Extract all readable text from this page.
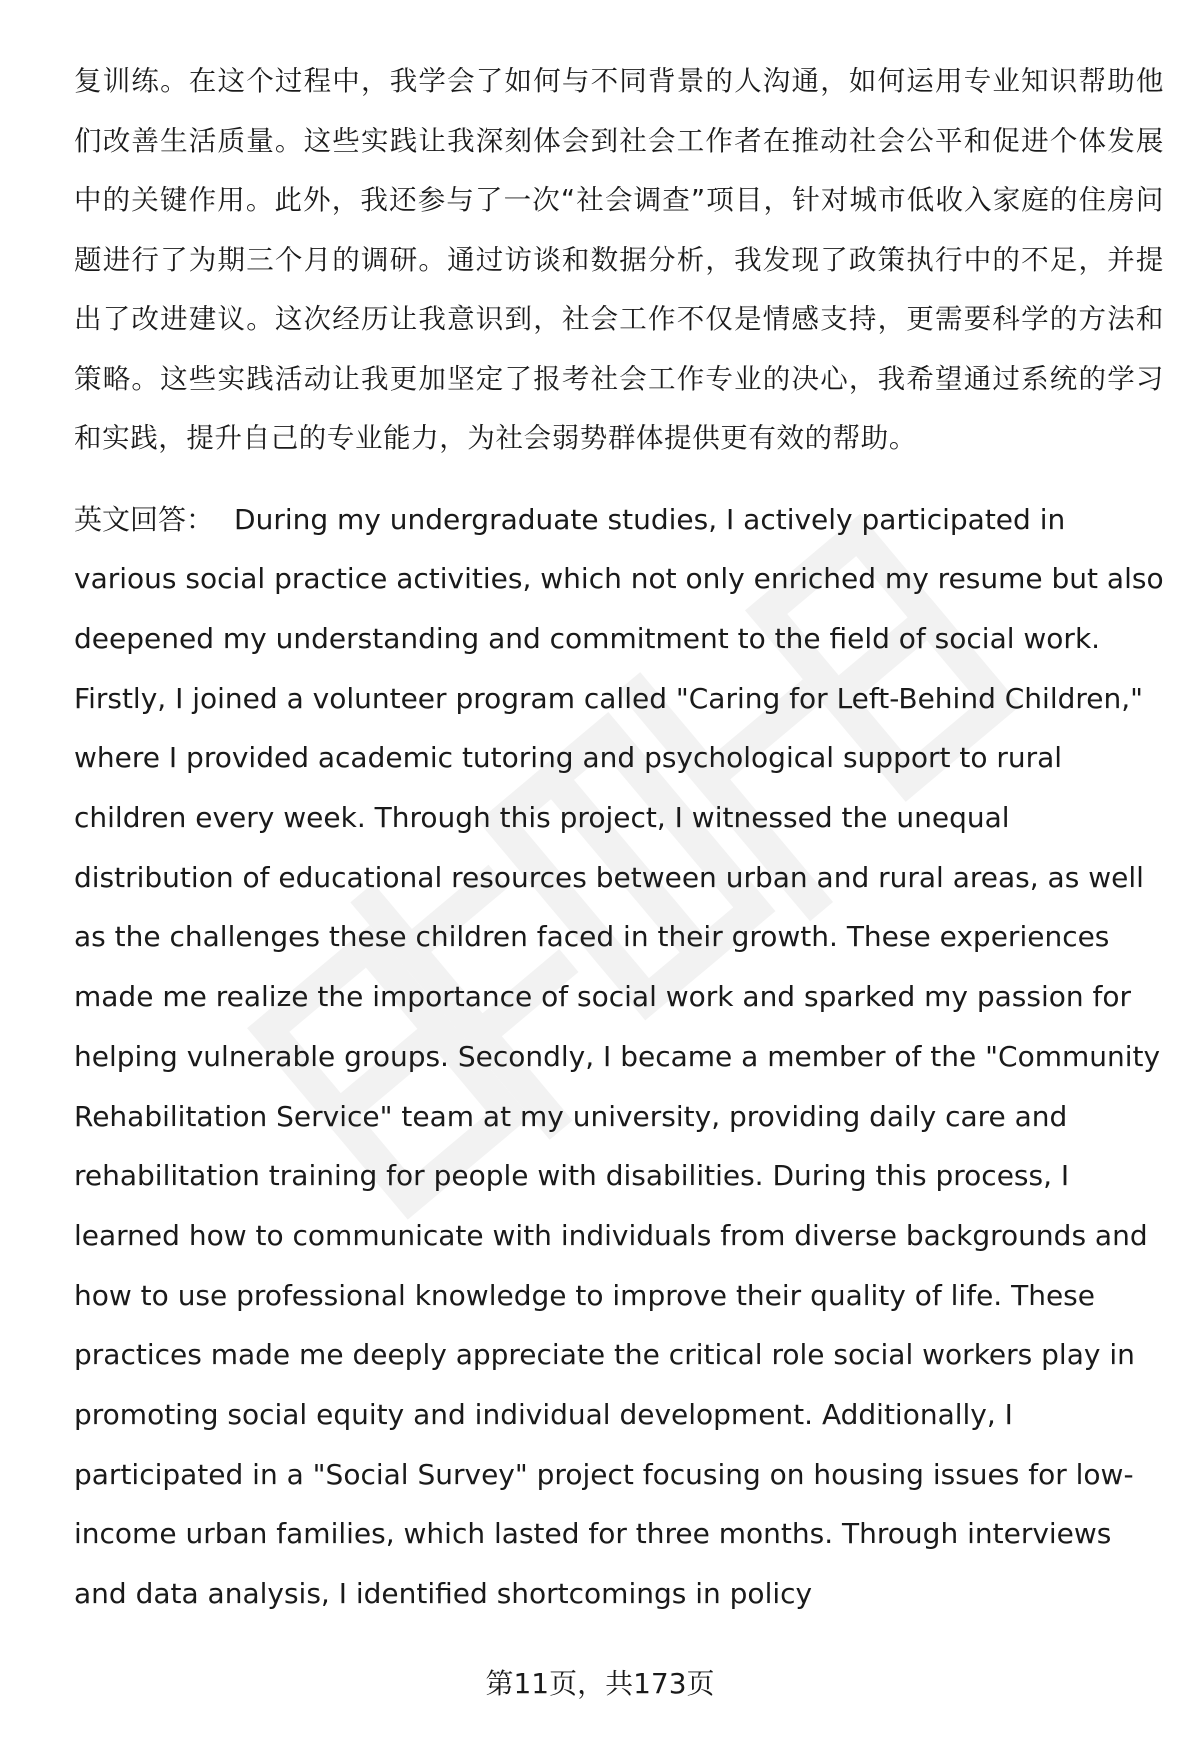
复训练。在这个过程中，我学会了如何与不同背景的人沟通，如何运用专业知识帮助他们改善生活质量。这些实践让我深刻体会到社会工作者在推动社会公平和促进个体发展中的关键作用。此外，我还参与了一次“社会调查”项目，针对城市低收入家庭的住房问题进行了为期三个月的调研。通过访谈和数据分析，我发现了政策执行中的不足，并提出了改进建议。这次经历让我意识到，社会工作不仅是情感支持，更需要科学的方法和策略。这些实践活动让我更加坚定了报考社会工作专业的决心，我希望通过系统的学习和实践，提升自己的专业能力，为社会弱势群体提供更有效的帮助。

英文回答： During my undergraduate studies, I actively participated in various social practice activities, which not only enriched my resume but also deepened my understanding and commitment to the field of social work. Firstly, I joined a volunteer program called "Caring for Left-Behind Children," where I provided academic tutoring and psychological support to rural children every week. Through this project, I witnessed the unequal distribution of educational resources between urban and rural areas, as well as the challenges these children faced in their growth. These experiences made me realize the importance of social work and sparked my passion for helping vulnerable groups. Secondly, I became a member of the "Community Rehabilitation Service" team at my university, providing daily care and rehabilitation training for people with disabilities. During this process, I learned how to communicate with individuals from diverse backgrounds and how to use professional knowledge to improve their quality of life. These practices made me deeply appreciate the critical role social workers play in promoting social equity and individual development. Additionally, I participated in a "Social Survey" project focusing on housing issues for low-income urban families, which lasted for three months. Through interviews and data analysis, I identified shortcomings in policy

第11页，共173页
